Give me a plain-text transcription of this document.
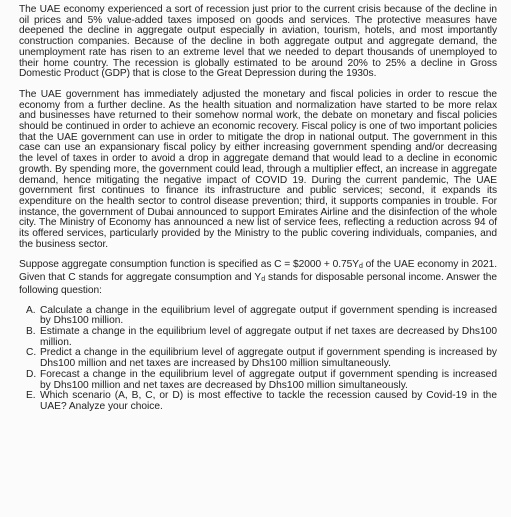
The UAE economy experienced a sort of recession just prior to the current crisis because of the decline in oil prices and 5% value-added taxes imposed on goods and services. The protective measures have deepened the decline in aggregate output especially in aviation, tourism, hotels, and most importantly construction companies. Because of the decline in both aggregate output and aggregate demand, the unemployment rate has risen to an extreme level that we needed to depart thousands of unemployed to their home country. The recession is globally estimated to be around 20% to 25% a decline in Gross Domestic Product (GDP) that is close to the Great Depression during the 1930s.

The UAE government has immediately adjusted the monetary and fiscal policies in order to rescue the economy from a further decline. As the health situation and normalization have started to be more relax and businesses have returned to their somehow normal work, the debate on monetary and fiscal policies should be continued in order to achieve an economic recovery. Fiscal policy is one of two important policies that the UAE government can use in order to mitigate the drop in national output. The government in this case can use an expansionary fiscal policy by either increasing government spending and/or decreasing the level of taxes in order to avoid a drop in aggregate demand that would lead to a decline in economic growth. By spending more, the government could lead, through a multiplier effect, an increase in aggregate demand, hence mitigating the negative impact of COVID 19. During the current pandemic, The UAE government first continues to finance its infrastructure and public services; second, it expands its expenditure on the health sector to control disease prevention; third, it supports companies in trouble. For instance, the government of Dubai announced to support Emirates Airline and the disinfection of the whole city. The Ministry of Economy has announced a new list of service fees, reflecting a reduction across 94 of its offered services, particularly provided by the Ministry to the public covering individuals, companies, and the business sector.

Suppose aggregate consumption function is specified as C = $2000 + 0.75Yd of the UAE economy in 2021. Given that C stands for aggregate consumption and Yd stands for disposable personal income. Answer the following question:

A. Calculate a change in the equilibrium level of aggregate output if government spending is increased by Dhs100 million.
B. Estimate a change in the equilibrium level of aggregate output if net taxes are decreased by Dhs100 million.
C. Predict a change in the equilibrium level of aggregate output if government spending is increased by Dhs100 million and net taxes are increased by Dhs100 million simultaneously.
D. Forecast a change in the equilibrium level of aggregate output if government spending is increased by Dhs100 million and net taxes are decreased by Dhs100 million simultaneously.
E. Which scenario (A, B, C, or D) is most effective to tackle the recession caused by Covid-19 in the UAE? Analyze your choice.
